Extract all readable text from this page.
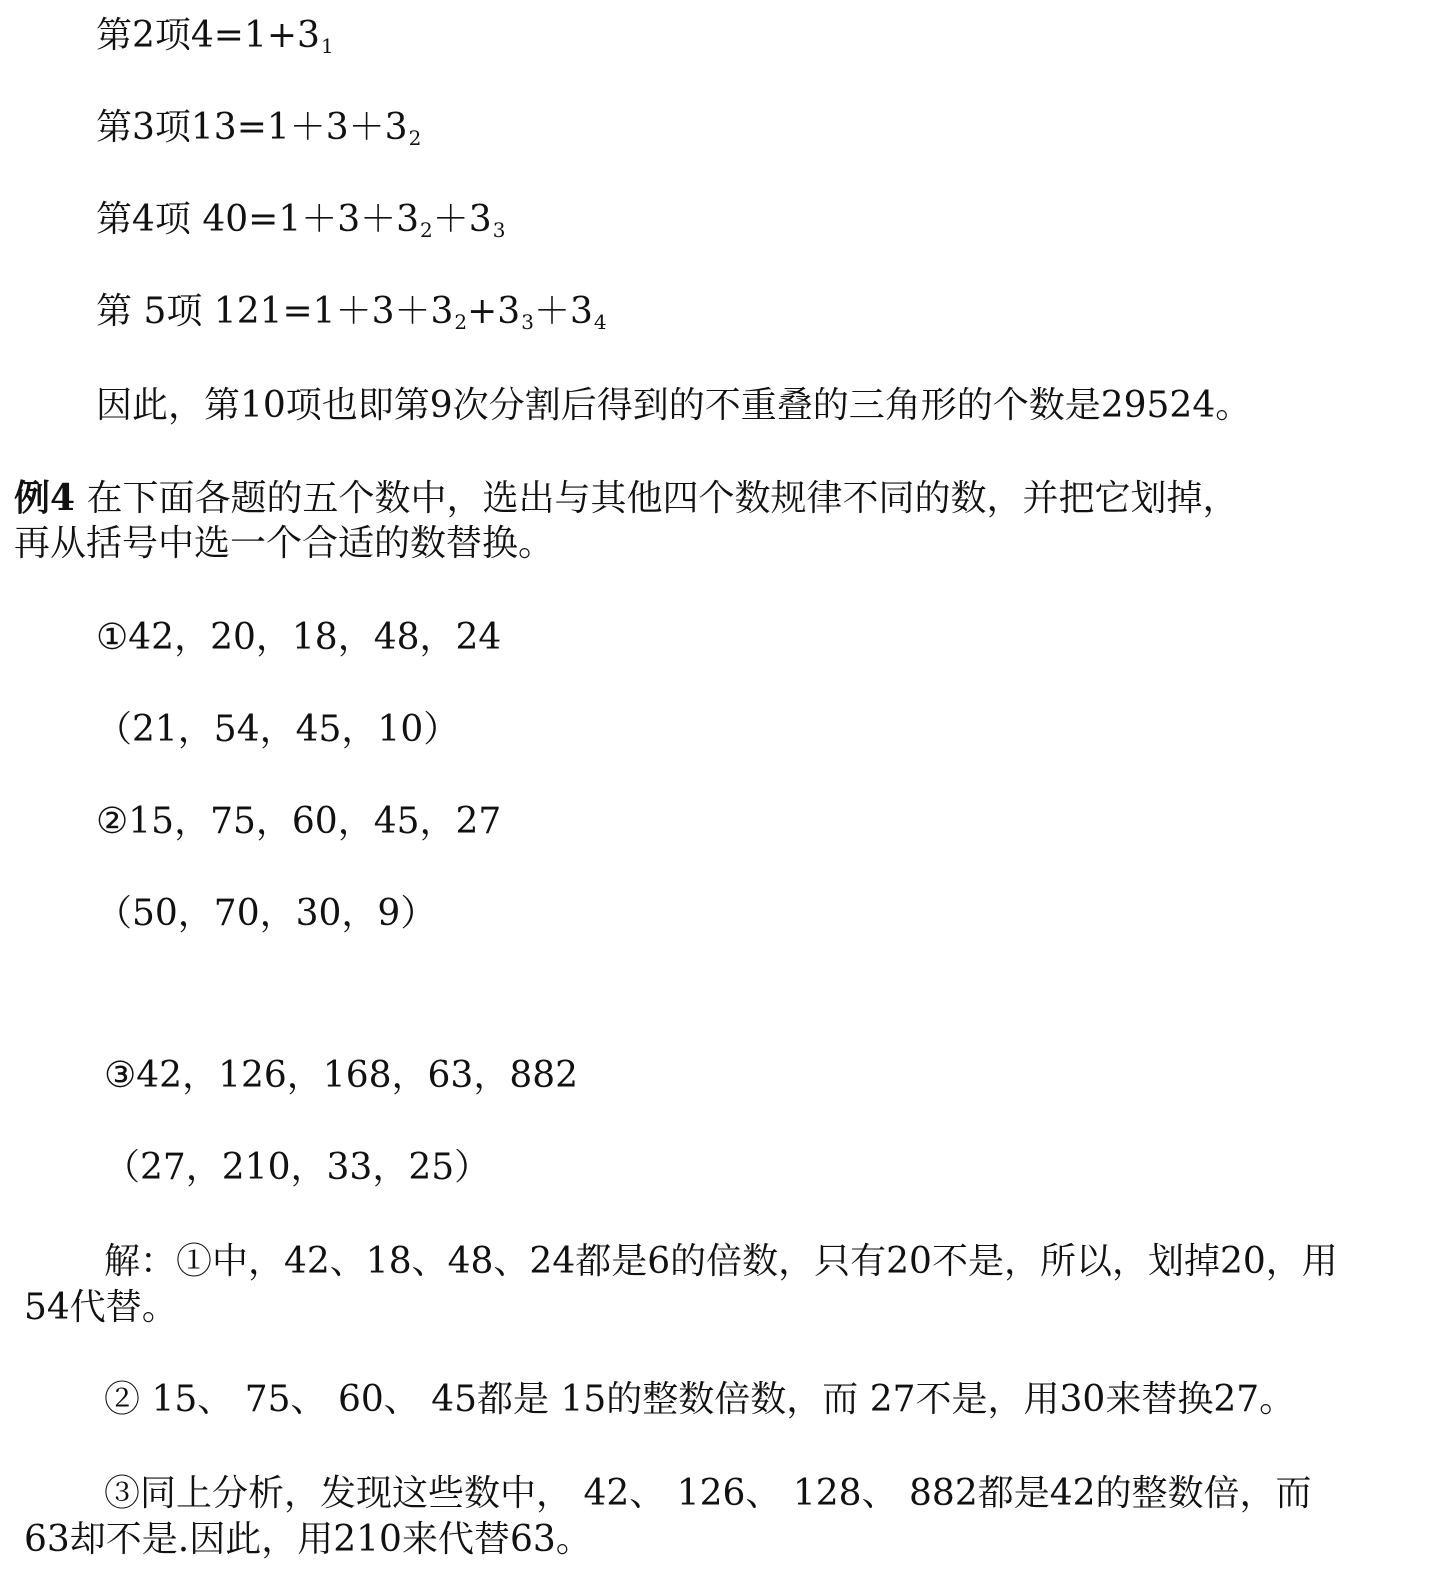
第2项$4=1+3_1$
第3项$13=1+3+3_2$
第4项 $40=1+3+3_2+3_3$
第 5项 $121=1+3+3_2+3_3+3_4$
因此，第10项也即第9次分割后得到的不重叠的三角形的个数是29524。
例4 在下面各题的五个数中，选出与其他四个数规律不同的数，并把它划掉，
再从括号中选一个合适的数替换。
①42，20，18，48，24
（21，54，45，10）
②15，75，60，45，27
（50，70，30，9）
③42，126，168，63，882
（27，210，33，25）
解：①中，42、18、48、24都是6的倍数，只有20不是，所以，划掉20，用
54代替。
② 15、 75、 60、 45都是 15的整数倍数，而 27不是，用30来替换27。
③同上分析，发现这些数中， 42、 126、 128、 882都是42的整数倍，而
63却不是.因此，用210来代替63。
